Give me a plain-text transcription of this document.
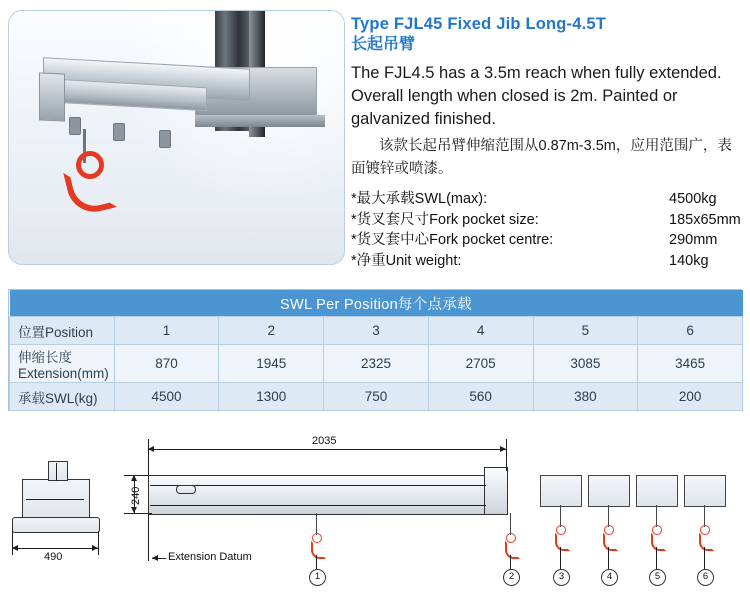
Type FJL45 Fixed Jib Long-4.5T
长起吊臂
The FJL4.5 has a 3.5m reach when fully extended. Overall length when closed is 2m. Painted or galvanized finished.
该款长起吊臂伸缩范围从0.87m-3.5m，应用范围广，表面镀锌或喷漆。
*最大承载SWL(max):	4500kg
*货叉套尺寸Fork pocket size:	185x65mm
*货叉套中心Fork pocket centre:	290mm
*净重Unit weight:	140kg
SWL Per Position每个点承载						
位置Position	1	2	3	4	5	6
伸缩长度Extension(mm)	870	1945	2325	2705	3085	3465
承载SWL(kg)	4500	1300	750	560	380	200
490
2035
240
Extension Datum
1	2	3	4	5	6
